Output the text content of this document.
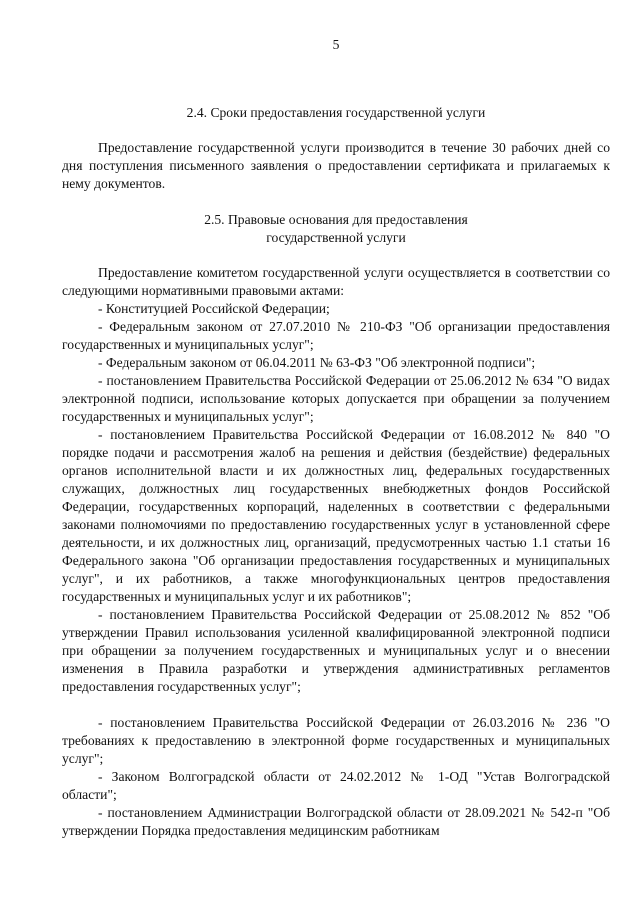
5
2.4. Сроки предоставления государственной услуги

Предоставление государственной услуги производится в течение 30 рабочих дней со дня поступления письменного заявления о предоставлении сертификата и прилагаемых к нему документов.

2.5. Правовые основания для предоставления
государственной услуги

Предоставление комитетом государственной услуги осуществляется в соответствии со следующими нормативными правовыми актами:

- Конституцией Российской Федерации;

- Федеральным законом от 27.07.2010 № 210-ФЗ "Об организации предоставления государственных и муниципальных услуг";

- Федеральным законом от 06.04.2011 № 63-ФЗ "Об электронной подписи";

- постановлением Правительства Российской Федерации от 25.06.2012 № 634 "О видах электронной подписи, использование которых допускается при обращении за получением государственных и муниципальных услуг";

- постановлением Правительства Российской Федерации от 16.08.2012 № 840 "О порядке подачи и рассмотрения жалоб на решения и действия (бездействие) федеральных органов исполнительной власти и их должностных лиц, федеральных государственных служащих, должностных лиц государственных внебюджетных фондов Российской Федерации, государственных корпораций, наделенных в соответствии с федеральными законами полномочиями по предоставлению государственных услуг в установленной сфере деятельности, и их должностных лиц, организаций, предусмотренных частью 1.1 статьи 16 Федерального закона "Об организации предоставления государственных и муниципальных услуг", и их работников, а также многофункциональных центров предоставления государственных и муниципальных услуг и их работников";

- постановлением Правительства Российской Федерации от 25.08.2012 № 852 "Об утверждении Правил использования усиленной квалифицированной электронной подписи при обращении за получением государственных и муниципальных услуг и о внесении изменения в Правила разработки и утверждения административных регламентов предоставления государственных услуг";

- постановлением Правительства Российской Федерации от 26.03.2016 № 236 "О требованиях к предоставлению в электронной форме государственных и муниципальных услуг";

- Законом Волгоградской области от 24.02.2012 № 1-ОД "Устав Волгоградской области";

- постановлением Администрации Волгоградской области от 28.09.2021 № 542-п "Об утверждении Порядка предоставления медицинским работникам
